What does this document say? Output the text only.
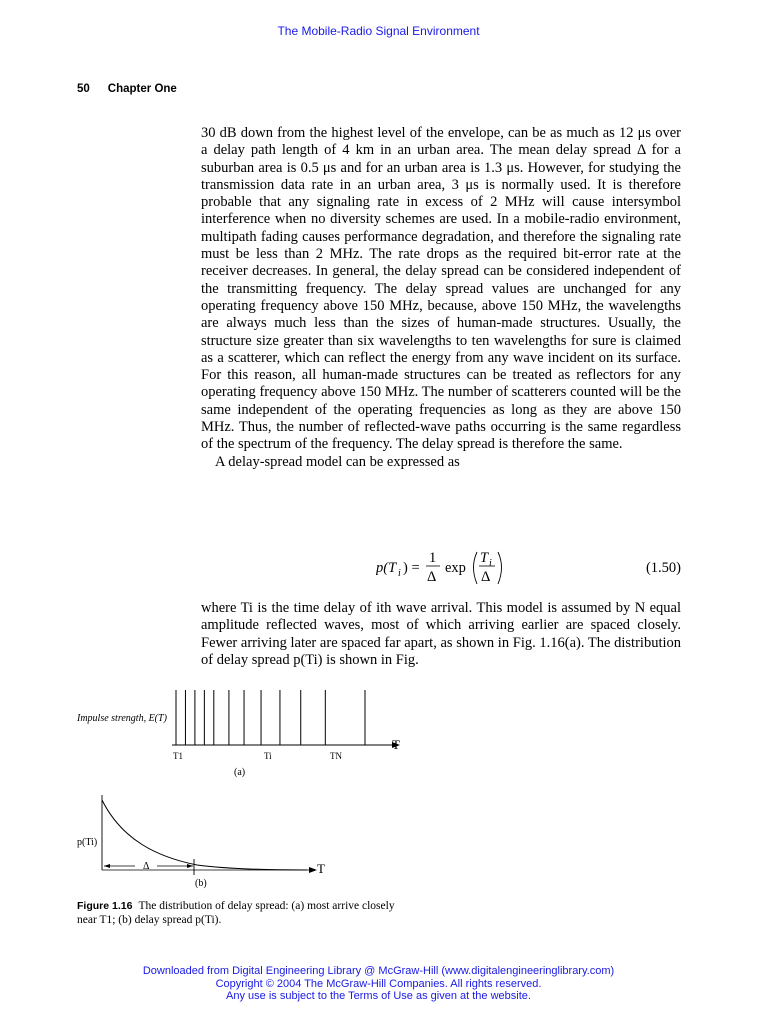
The Mobile-Radio Signal Environment
50 Chapter One

30 dB down from the highest level of the envelope, can be as much as 12 μs over a delay path length of 4 km in an urban area. The mean delay spread Δ for a suburban area is 0.5 μs and for an urban area is 1.3 μs. However, for studying the transmission data rate in an urban area, 3 μs is normally used. It is therefore probable that any signaling rate in excess of 2 MHz will cause intersymbol interference when no diversity schemes are used. In a mobile-radio environment, multipath fading causes performance degradation, and therefore the signaling rate must be less than 2 MHz. The rate drops as the required bit-error rate at the receiver decreases. In general, the delay spread can be considered independent of the transmitting frequency. The delay spread values are unchanged for any operating frequency above 150 MHz, because, above 150 MHz, the wavelengths are always much less than the sizes of human-made structures. Usually, the structure size greater than six wavelengths to ten wavelengths for sure is claimed as a scatterer, which can reflect the energy from any wave incident on its surface. For this reason, all human-made structures can be treated as reflectors for any operating frequency above 150 MHz. The number of scatterers counted will be the same independent of the operating frequencies as long as they are above 150 MHz. Thus, the number of reflected-wave paths occurring is the same regardless of the spectrum of the frequency. The delay spread is therefore the same.

A delay-spread model can be expressed as

p(T i ) =
1
Δ
exp
T i
Δ
(1.50)

where Ti is the time delay of ith wave arrival. This model is assumed by N equal amplitude reflected waves, most of which arriving earlier are spaced closely. Fewer arriving later are spaced far apart, as shown in Fig. 1.16(a). The distribution of delay spread p(Ti) is shown in Fig.

Impulse strength, E(T)
T
T1	Ti	TN
(a)
p(Ti)
T
Δ
(b)
Figure 1.16 The distribution of delay spread: (a) most arrive closely near T1; (b) delay spread p(Ti).
Downloaded from Digital Engineering Library @ McGraw-Hill (www.digitalengineeringlibrary.com)
Copyright © 2004 The McGraw-Hill Companies. All rights reserved.
Any use is subject to the Terms of Use as given at the website.
